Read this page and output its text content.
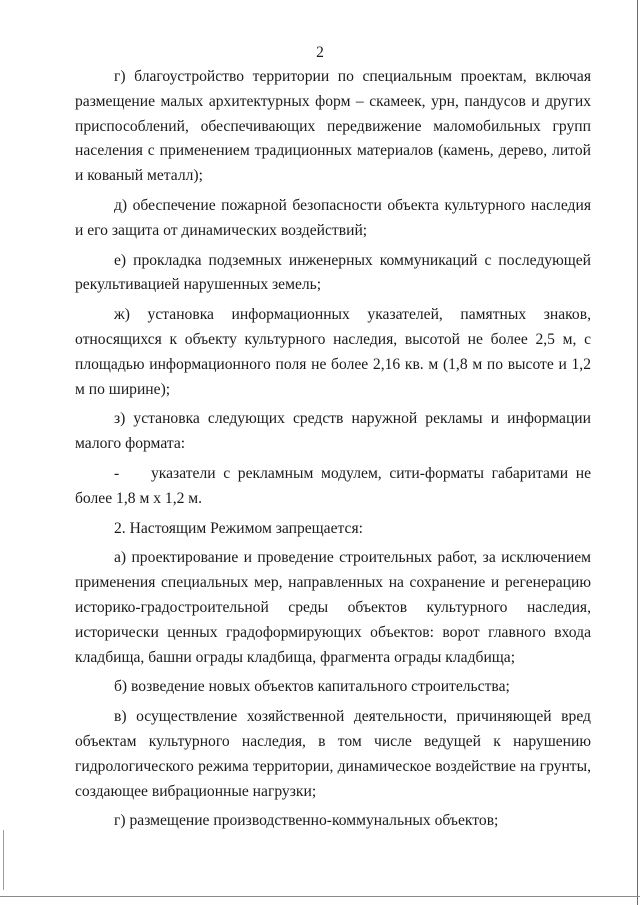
2

г) благоустройство территории по специальным проектам, включая размещение малых архитектурных форм – скамеек, урн, пандусов и других приспособлений, обеспечивающих передвижение маломобильных групп населения с применением традиционных материалов (камень, дерево, литой и кованый металл);

д) обеспечение пожарной безопасности объекта культурного наследия и его защита от динамических воздействий;

е) прокладка подземных инженерных коммуникаций с последующей рекультивацией нарушенных земель;

ж) установка информационных указателей, памятных знаков, относящихся к объекту культурного наследия, высотой не более 2,5 м, с площадью информационного поля не более 2,16 кв. м (1,8 м по высоте и 1,2 м по ширине);

з) установка следующих средств наружной рекламы и информации малого формата:

- указатели с рекламным модулем, сити-форматы габаритами не более 1,8 м х 1,2 м.

2. Настоящим Режимом запрещается:

а) проектирование и проведение строительных работ, за исключением применения специальных мер, направленных на сохранение и регенерацию историко-градостроительной среды объектов культурного наследия, исторически ценных градоформирующих объектов: ворот главного входа кладбища, башни ограды кладбища, фрагмента ограды кладбища;

б) возведение новых объектов капитального строительства;

в) осуществление хозяйственной деятельности, причиняющей вред объектам культурного наследия, в том числе ведущей к нарушению гидрологического режима территории, динамическое воздействие на грунты, создающее вибрационные нагрузки;

г) размещение производственно-коммунальных объектов;
